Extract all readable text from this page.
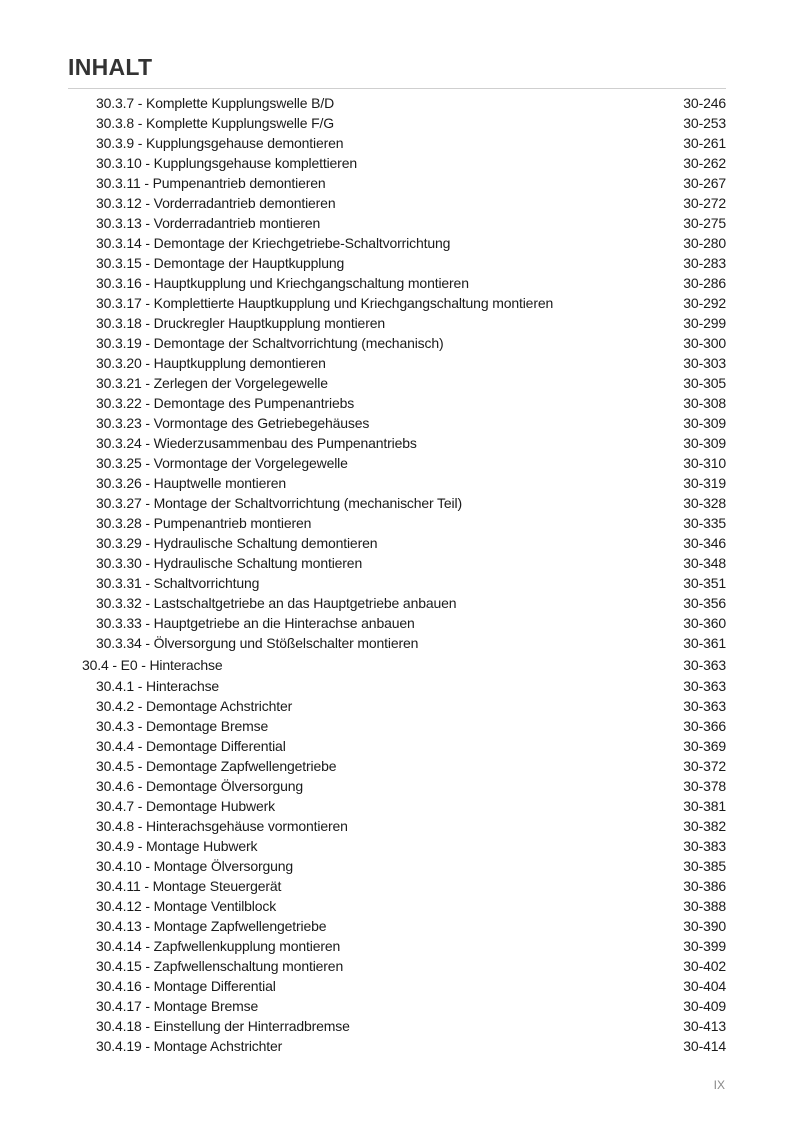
INHALT
30.3.7 - Komplette Kupplungswelle B/D	30-246
30.3.8 - Komplette Kupplungswelle F/G	30-253
30.3.9 - Kupplungsgehause demontieren	30-261
30.3.10 - Kupplungsgehause komplettieren	30-262
30.3.11 - Pumpenantrieb demontieren	30-267
30.3.12 - Vorderradantrieb demontieren	30-272
30.3.13 - Vorderradantrieb montieren	30-275
30.3.14 - Demontage der Kriechgetriebe-Schaltvorrichtung	30-280
30.3.15 - Demontage der Hauptkupplung	30-283
30.3.16 - Hauptkupplung und Kriechgangschaltung montieren	30-286
30.3.17 - Komplettierte Hauptkupplung und Kriechgangschaltung montieren	30-292
30.3.18 - Druckregler Hauptkupplung montieren	30-299
30.3.19 - Demontage der Schaltvorrichtung (mechanisch)	30-300
30.3.20 - Hauptkupplung demontieren	30-303
30.3.21 - Zerlegen der Vorgelegewelle	30-305
30.3.22 - Demontage des Pumpenantriebs	30-308
30.3.23 - Vormontage des Getriebegehäuses	30-309
30.3.24 - Wiederzusammenbau des Pumpenantriebs	30-309
30.3.25 - Vormontage der Vorgelegewelle	30-310
30.3.26 - Hauptwelle montieren	30-319
30.3.27 - Montage der Schaltvorrichtung (mechanischer Teil)	30-328
30.3.28 - Pumpenantrieb montieren	30-335
30.3.29 - Hydraulische Schaltung demontieren	30-346
30.3.30 - Hydraulische Schaltung montieren	30-348
30.3.31 - Schaltvorrichtung	30-351
30.3.32 - Lastschaltgetriebe an das Hauptgetriebe anbauen	30-356
30.3.33 - Hauptgetriebe an die Hinterachse anbauen	30-360
30.3.34 - Ölversorgung und Stößelschalter montieren	30-361
30.4 - E0 - Hinterachse	30-363
30.4.1 - Hinterachse	30-363
30.4.2 - Demontage Achstrichter	30-363
30.4.3 - Demontage Bremse	30-366
30.4.4 - Demontage Differential	30-369
30.4.5 - Demontage Zapfwellengetriebe	30-372
30.4.6 - Demontage Ölversorgung	30-378
30.4.7 - Demontage Hubwerk	30-381
30.4.8 - Hinterachsgehäuse vormontieren	30-382
30.4.9 - Montage Hubwerk	30-383
30.4.10 - Montage Ölversorgung	30-385
30.4.11 - Montage Steuergerät	30-386
30.4.12 - Montage Ventilblock	30-388
30.4.13 - Montage Zapfwellengetriebe	30-390
30.4.14 - Zapfwellenkupplung montieren	30-399
30.4.15 - Zapfwellenschaltung montieren	30-402
30.4.16 - Montage Differential	30-404
30.4.17 - Montage Bremse	30-409
30.4.18 - Einstellung der Hinterradbremse	30-413
30.4.19 - Montage Achstrichter	30-414
IX
